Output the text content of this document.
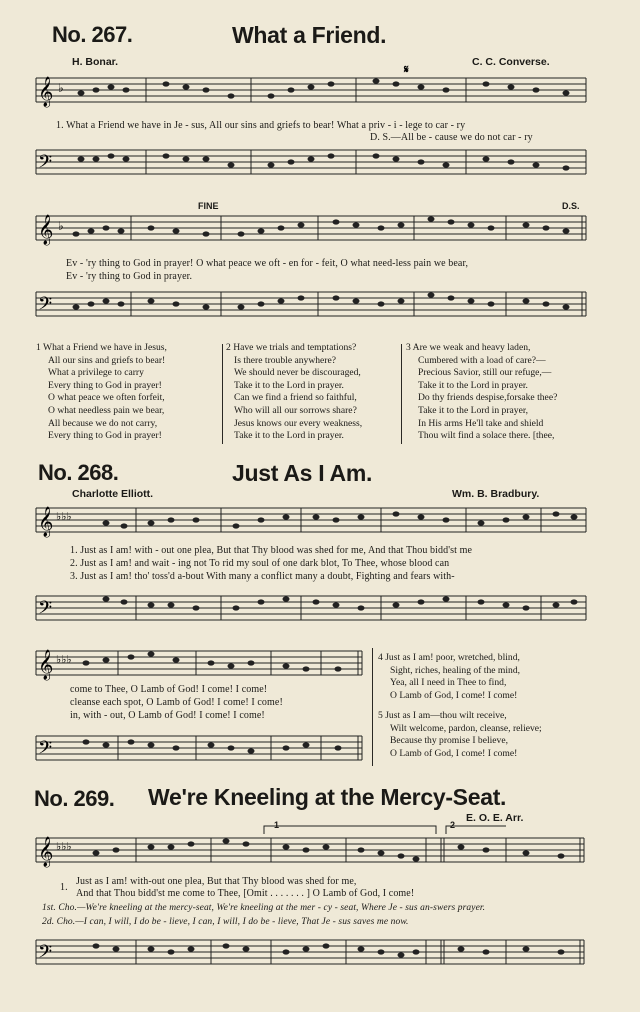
No. 267.	What a Friend.
H. Bonar.	C. C. Converse.
𝄞 ♭
𝄋
1. What a Friend we have in Je - sus, All our sins and griefs to bear! What a priv - i - lege to car - ry
D. S.—All be - cause we do not car - ry
𝄢
FINE	D.S.
𝄞 ♭
Ev - 'ry thing to God in prayer! O what peace we oft - en for - feit, O what need-less pain we bear,
Ev - 'ry thing to God in prayer.
𝄢
1 What a Friend we have in Jesus,
All our sins and griefs to bear!
What a privilege to carry
Every thing to God in prayer!
O what peace we often forfeit,
O what needless pain we bear,
All because we do not carry,
Every thing to God in prayer!
2 Have we trials and temptations?
Is there trouble anywhere?
We should never be discouraged,
Take it to the Lord in prayer.
Can we find a friend so faithful,
Who will all our sorrows share?
Jesus knows our every weakness,
Take it to the Lord in prayer.
3 Are we weak and heavy laden,
Cumbered with a load of care?—
Precious Savior, still our refuge,—
Take it to the Lord in prayer.
Do thy friends despise,forsake thee?
Take it to the Lord in prayer,
In His arms He'll take and shield
Thou wilt find a solace there. [thee,
No. 268.	Just As I Am.
Charlotte Elliott.	Wm. B. Bradbury.
𝄞 ♭♭♭
1. Just as I am! with - out one plea, But that Thy blood was shed for me, And that Thou bidd'st me
2. Just as I am! and wait - ing not To rid my soul of one dark blot, To Thee, whose blood can
3. Just as I am! tho' toss'd a-bout With many a conflict many a doubt, Fighting and fears with-
𝄢
𝄞 ♭♭♭
come to Thee, O Lamb of God! I come! I come!
cleanse each spot, O Lamb of God! I come! I come!
in, with - out, O Lamb of God! I come! I come!
𝄢
4 Just as I am! poor, wretched, blind,
Sight, riches, healing of the mind,
Yea, all I need in Thee to find,
O Lamb of God, I come! I come!
5 Just as I am—thou wilt receive,
Wilt welcome, pardon, cleanse, relieve;
Because thy promise I believe,
O Lamb of God, I come! I come!
No. 269. We're Kneeling at the Mercy-Seat.
E. O. E. Arr.
𝄞 ♭♭♭
1	2
1.
Just as I am! with-out one plea, But that Thy blood was shed for me,
And that Thou bidd'st me come to Thee, [Omit . . . . . . . ] O Lamb of God, I come!
1st. Cho.—We're kneeling at the mercy-seat, We're kneeling at the mer - cy - seat, Where Je - sus an-swers prayer.
2d. Cho.—I can, I will, I do be - lieve, I can, I will, I do be - lieve, That Je - sus saves me now.
𝄢
